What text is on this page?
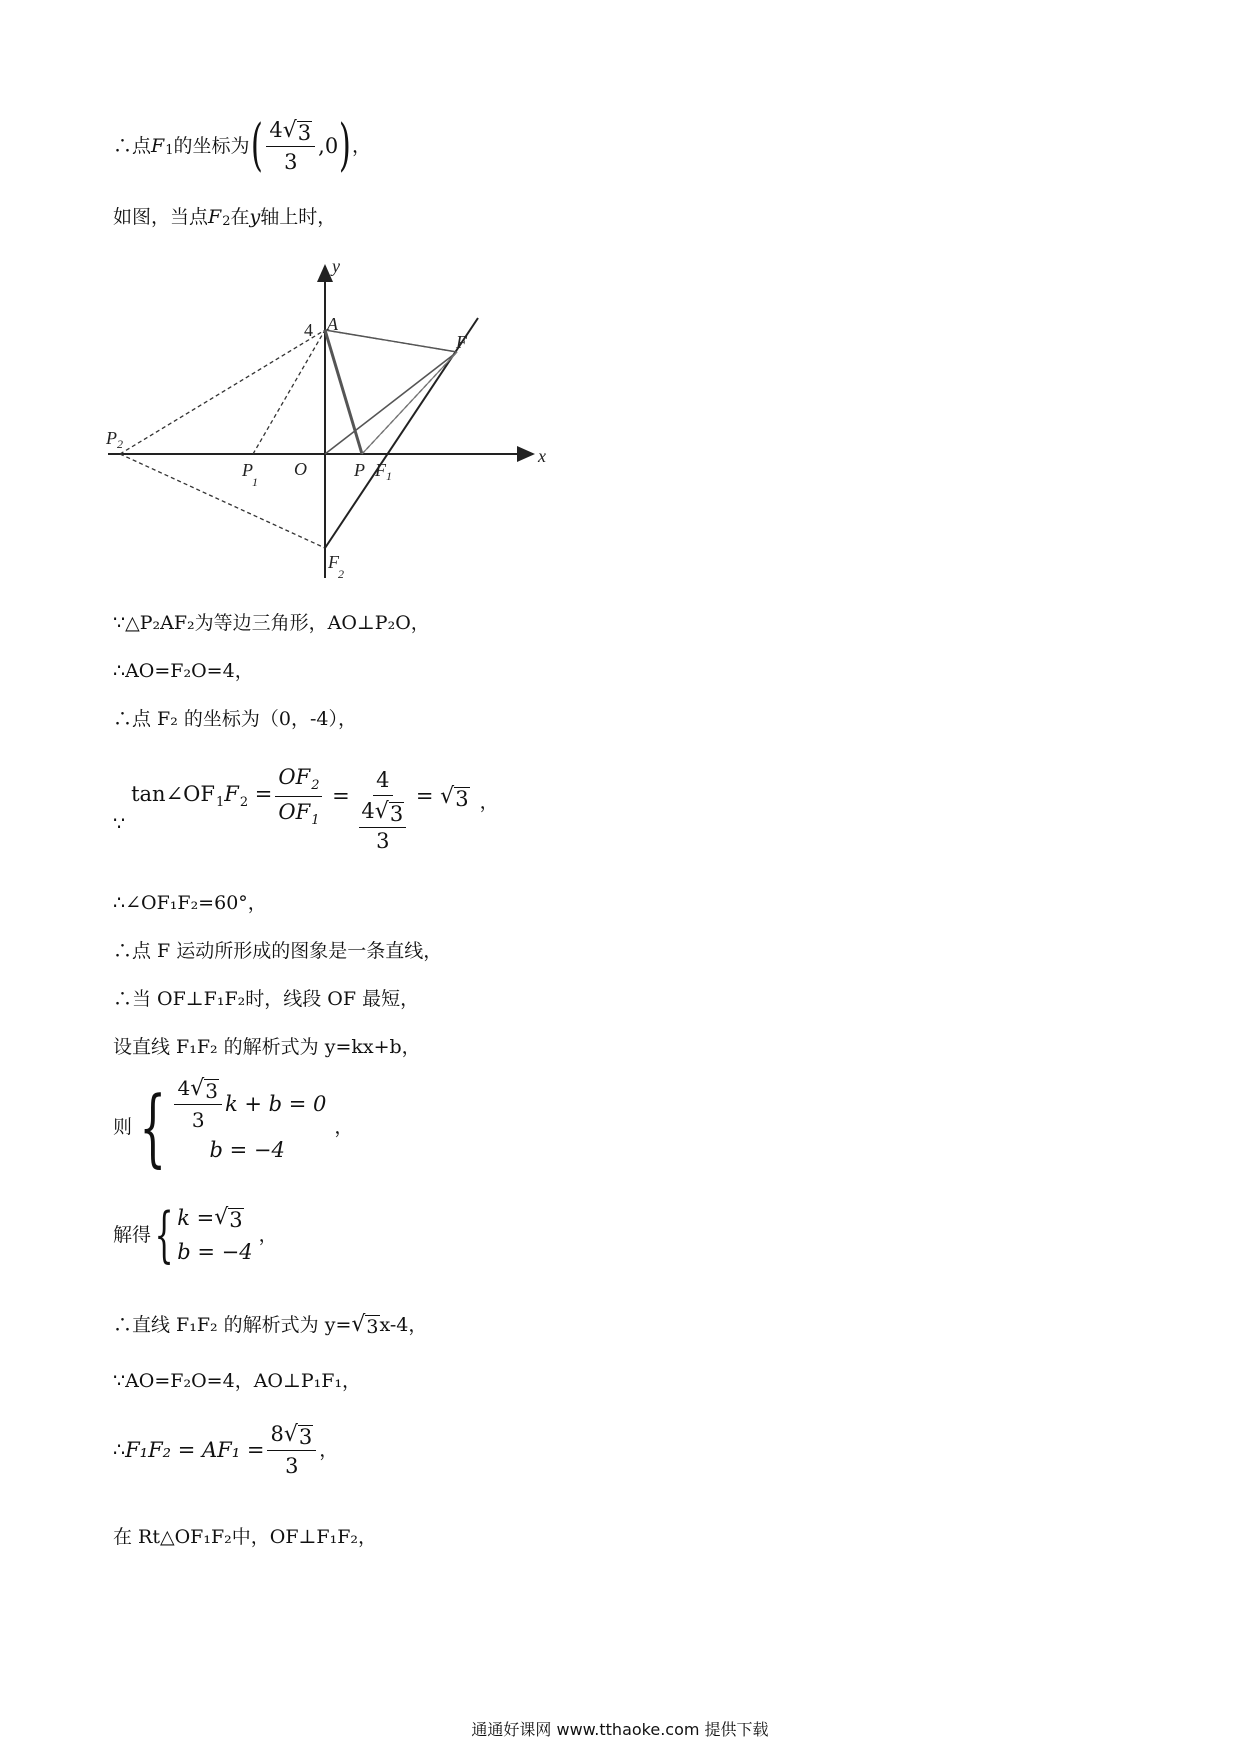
∴点 F 1 的坐标为 ( $\frac{4 √ 3}{3} ,0$ ) ，
如图，当点 F 2 在 y 轴上时，
y
x
4 A
F
P 2
P
1
O	P F 1
F
2
∵△P₂AF₂为等边三角形，AO⊥P₂O，
∴AO=F₂O=4，
∴点 F₂ 的坐标为（0，-4），
∵
$\tan\angle OF_1F_2 = \frac{OF_2}{OF_1} = 4$
4 √ 3
3 = √ 3 ，
∴∠OF₁F₂=60°，
∴点 F 运动所形成的图象是一条直线，
∴当 OF⊥F₁F₂时，线段 OF 最短，
设直线 F₁F₂ 的解析式为 y=kx+b，
则 { $\frac{4 √ 3}{3}$ k + b = 0
b = −4
，
解得 { k = √ 3
b = −4
，
∴直线 F₁F₂ 的解析式为 y= √ 3 x-4，
∵AO=F₂O=4，AO⊥P₁F₁，
∴ $F_1F_2 = AF_1 = \frac{8 √ 3}{3}$ ，
在 Rt△OF₁F₂中，OF⊥F₁F₂，
通通好课网 www.tthaoke.com 提供下载
